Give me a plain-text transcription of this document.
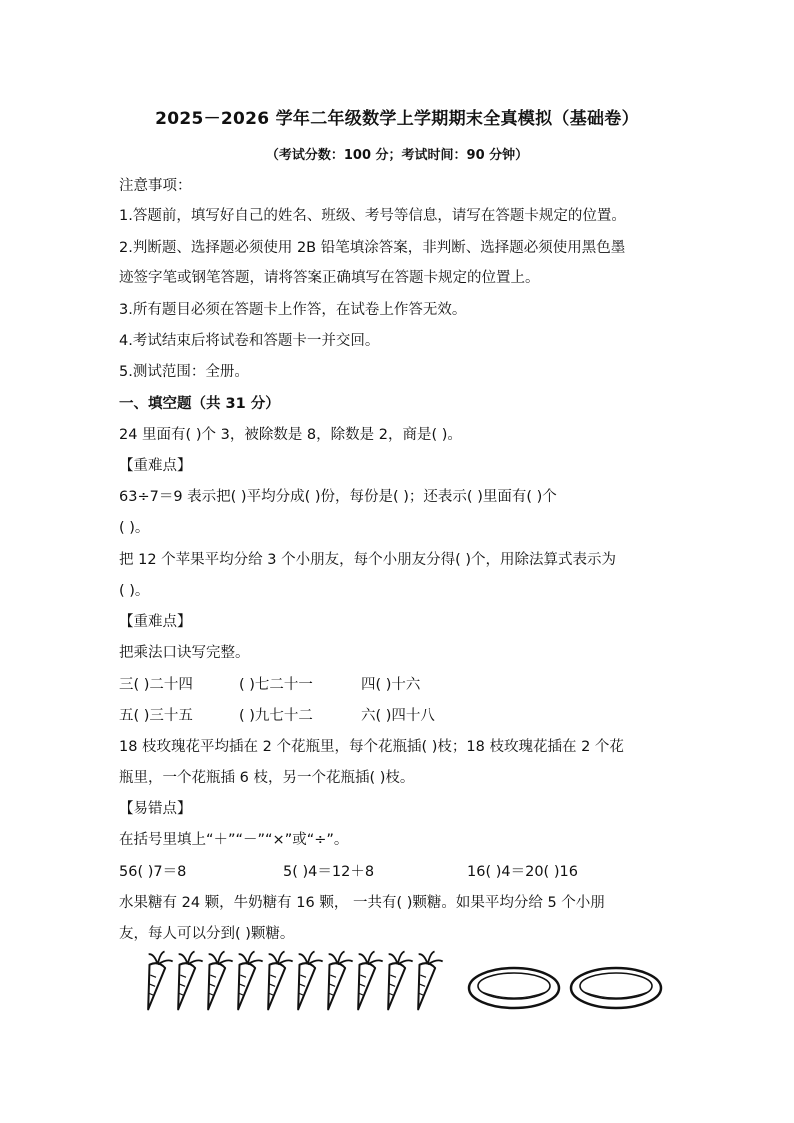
2025－2026 学年二年级数学上学期期末全真模拟（基础卷）
（考试分数：100 分；考试时间：90 分钟）
注意事项：
1.答题前，填写好自己的姓名、班级、考号等信息，请写在答题卡规定的位置。
2.判断题、选择题必须使用 2B 铅笔填涂答案，非判断、选择题必须使用黑色墨
迹签字笔或钢笔答题，请将答案正确填写在答题卡规定的位置上。
3.所有题目必须在答题卡上作答，在试卷上作答无效。
4.考试结束后将试卷和答题卡一并交回。
5.测试范围：全册。
一、填空题（共 31 分）
24 里面有( )个 3，被除数是 8，除数是 2，商是( )。
【重难点】
63÷7＝9 表示把( )平均分成( )份，每份是( )；还表示( )里面有( )个
( )。
把 12 个苹果平均分给 3 个小朋友，每个小朋友分得( )个，用除法算式表示为
( )。
【重难点】
把乘法口诀写完整。
三( )二十四	( )七二十一	四( )十六
五( )三十五	( )九七十二	六( )四十八
18 枝玫瑰花平均插在 2 个花瓶里，每个花瓶插( )枝；18 枝玫瑰花插在 2 个花
瓶里，一个花瓶插 6 枝，另一个花瓶插( )枝。
【易错点】
在括号里填上“＋”“－”“×”或“÷”。
56( )7＝8	5( )4＝12＋8	16( )4＝20( )16
水果糖有 24 颗，牛奶糖有 16 颗， 一共有( )颗糖。如果平均分给 5 个小朋
友，每人可以分到( )颗糖。
